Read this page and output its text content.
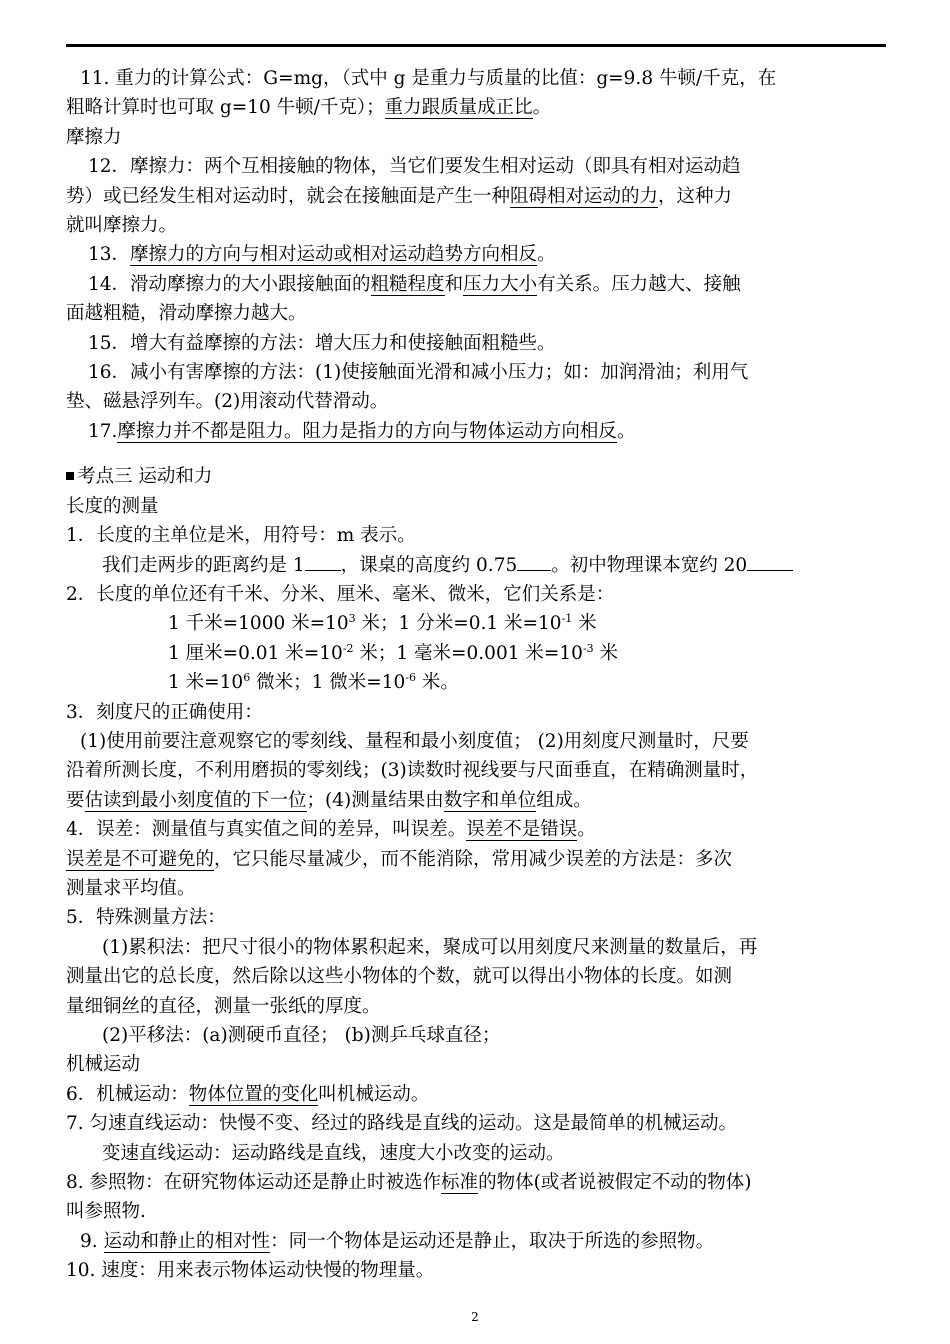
11. 重力的计算公式：G=mg，（式中 g 是重力与质量的比值：g=9.8 牛顿/千克，在
粗略计算时也可取 g=10 牛顿/千克）；重力跟质量成正比。
摩擦力
12．摩擦力：两个互相接触的物体，当它们要发生相对运动（即具有相对运动趋
势）或已经发生相对运动时，就会在接触面是产生一种阻碍相对运动的力，这种力
就叫摩擦力。
13．摩擦力的方向与相对运动或相对运动趋势方向相反。
14．滑动摩擦力的大小跟接触面的粗糙程度和压力大小有关系。压力越大、接触
面越粗糙，滑动摩擦力越大。
15．增大有益摩擦的方法：增大压力和使接触面粗糙些。
16．减小有害摩擦的方法：(1)使接触面光滑和减小压力；如：加润滑油；利用气
垫、磁悬浮列车。(2)用滚动代替滑动。
17.摩擦力并不都是阻力。阻力是指力的方向与物体运动方向相反。
考点三 运动和力
长度的测量
1．长度的主单位是米，用符号：m 表示。
我们走两步的距离约是 1 ，课桌的高度约 0.75 。初中物理课本宽约 20
2．长度的单位还有千米、分米、厘米、毫米、微米，它们关系是：
1 千米=1000 米$=10^3$ 米；1 分米=0.1 米$=10^{-1}$ 米
1 厘米=0.01 米$=10^{-2}$ 米；1 毫米=0.001 米$=10^{-3}$ 米
1 米$=10^6$ 微米；1 微米$=10^{-6}$ 米。
3．刻度尺的正确使用：
(1)使用前要注意观察它的零刻线、量程和最小刻度值； (2)用刻度尺测量时，尺要
沿着所测长度，不利用磨损的零刻线；(3)读数时视线要与尺面垂直，在精确测量时，
要估读到最小刻度值的下一位；(4)测量结果由数字和单位组成。
4．误差：测量值与真实值之间的差异，叫误差。误差不是错误。
误差是不可避免的，它只能尽量减少，而不能消除，常用减少误差的方法是：多次
测量求平均值。
5．特殊测量方法：
(1)累积法：把尺寸很小的物体累积起来，聚成可以用刻度尺来测量的数量后，再
测量出它的总长度，然后除以这些小物体的个数，就可以得出小物体的长度。如测
量细铜丝的直径，测量一张纸的厚度。
(2)平移法：(a)测硬币直径； (b)测乒乓球直径；
机械运动
6．机械运动：物体位置的变化叫机械运动。
7. 匀速直线运动：快慢不变、经过的路线是直线的运动。这是最简单的机械运动。
变速直线运动：运动路线是直线，速度大小改变的运动。
8. 参照物：在研究物体运动还是静止时被选作标准的物体(或者说被假定不动的物体)
叫参照物.
9. 运动和静止的相对性：同一个物体是运动还是静止，取决于所选的参照物。
10. 速度：用来表示物体运动快慢的物理量。
2
